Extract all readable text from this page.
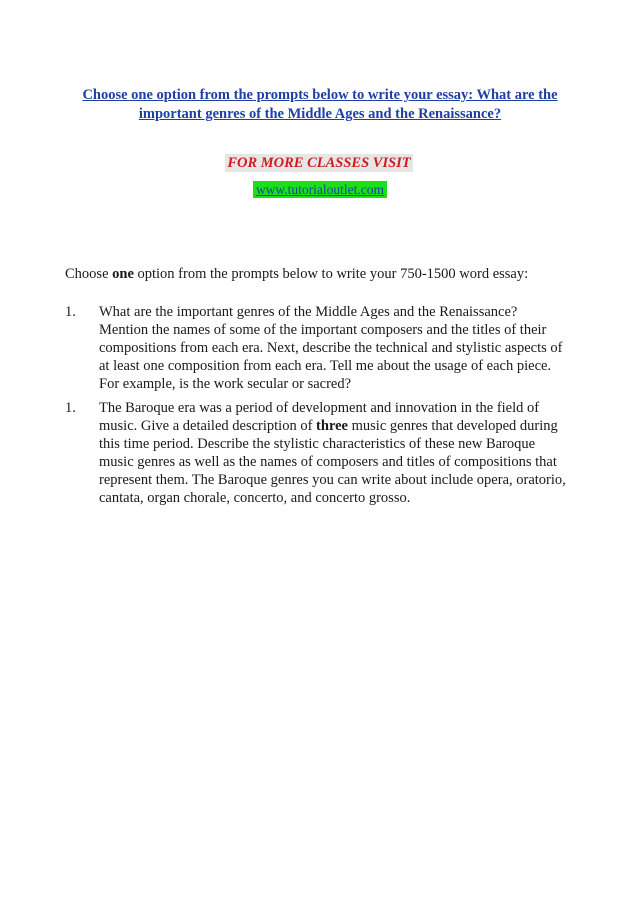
Choose one option from the prompts below to write your essay: What are the important genres of the Middle Ages and the Renaissance?
FOR MORE CLASSES VISIT
www.tutorialoutlet.com
Choose one option from the prompts below to write your 750-1500 word essay:
1.	What are the important genres of the Middle Ages and the Renaissance? Mention the names of some of the important composers and the titles of their compositions from each era. Next, describe the technical and stylistic aspects of at least one composition from each era. Tell me about the usage of each piece. For example, is the work secular or sacred?
1.	The Baroque era was a period of development and innovation in the field of music. Give a detailed description of three music genres that developed during this time period. Describe the stylistic characteristics of these new Baroque music genres as well as the names of composers and titles of compositions that represent them. The Baroque genres you can write about include opera, oratorio, cantata, organ chorale, concerto, and concerto grosso.
